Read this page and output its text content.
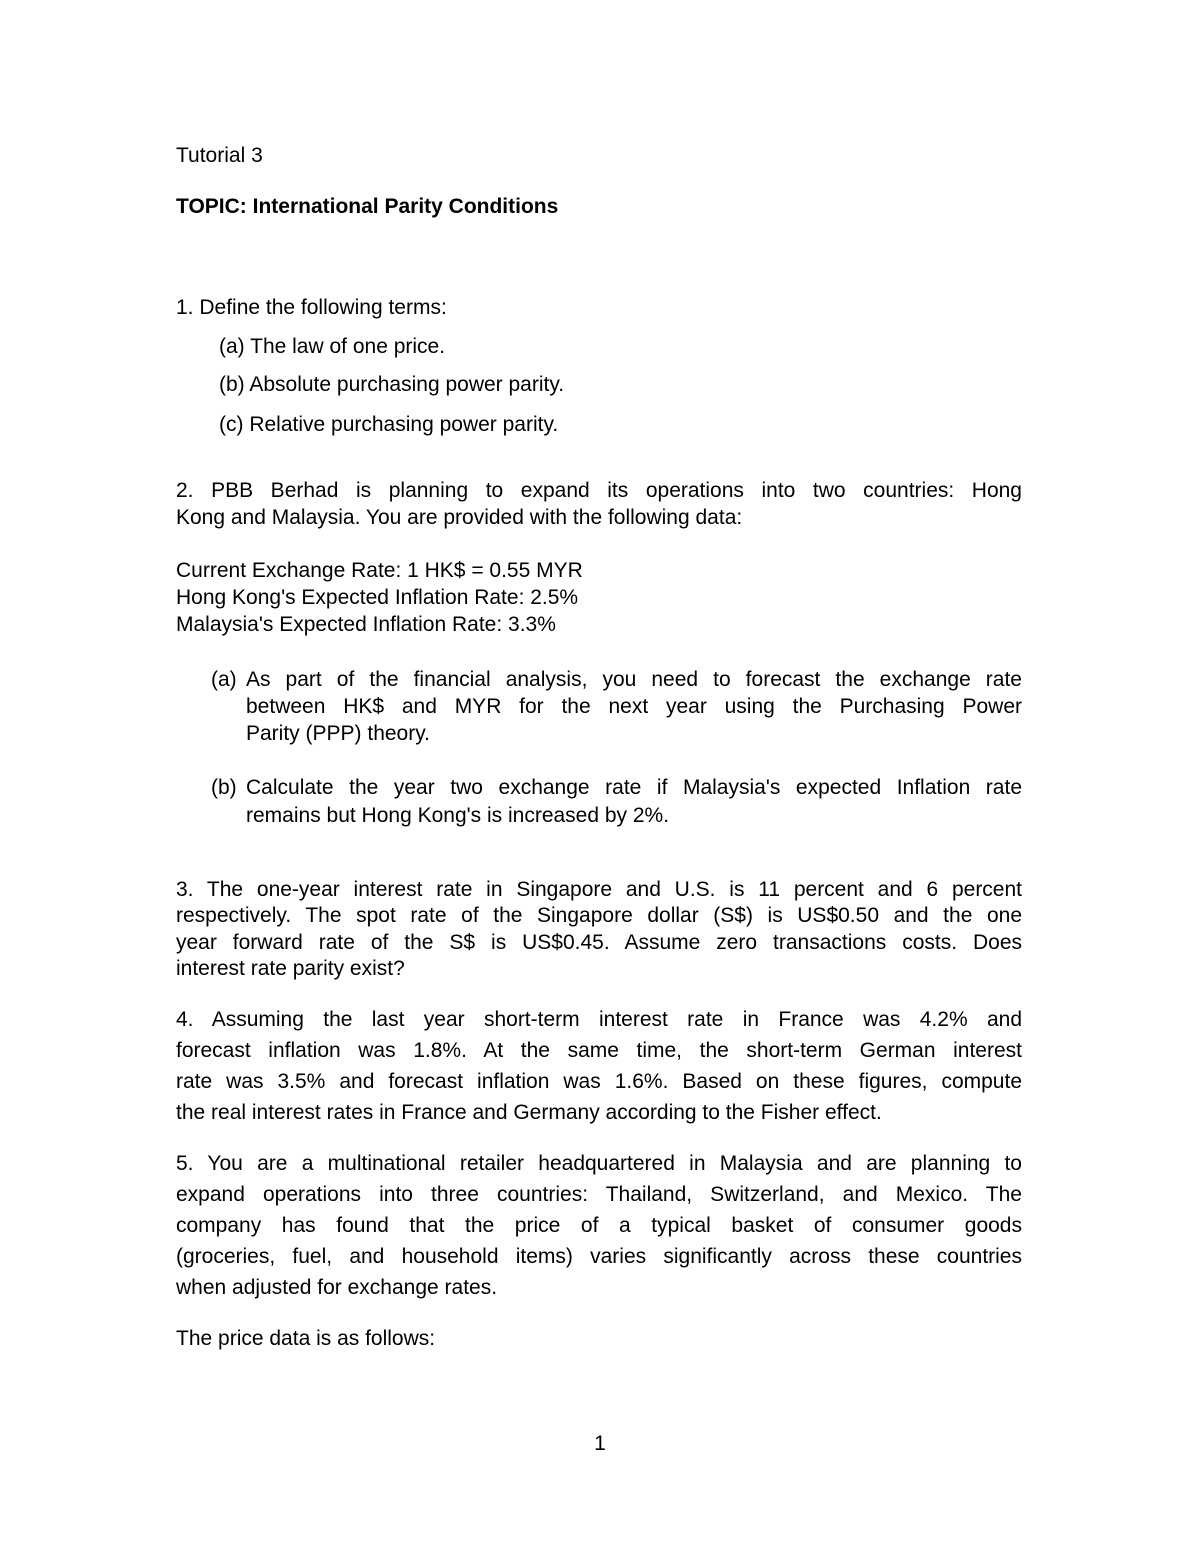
Tutorial 3

TOPIC: International Parity Conditions

1. Define the following terms:

(a) The law of one price.

(b) Absolute purchasing power parity.

(c) Relative purchasing power parity.

2. PBB Berhad is planning to expand its operations into two countries: Hong

Kong and Malaysia. You are provided with the following data:

Current Exchange Rate: 1 HK$ = 0.55 MYR

Hong Kong's Expected Inflation Rate: 2.5%

Malaysia's Expected Inflation Rate: 3.3%

(a) As part of the financial analysis, you need to forecast the exchange rate

between HK$ and MYR for the next year using the Purchasing Power

Parity (PPP) theory.

(b) Calculate the year two exchange rate if Malaysia's expected Inflation rate

remains but Hong Kong's is increased by 2%.

3. The one-year interest rate in Singapore and U.S. is 11 percent and 6 percent

respectively. The spot rate of the Singapore dollar (S$) is US$0.50 and the one

year forward rate of the S$ is US$0.45. Assume zero transactions costs. Does

interest rate parity exist?

4. Assuming the last year short-term interest rate in France was 4.2% and

forecast inflation was 1.8%. At the same time, the short-term German interest

rate was 3.5% and forecast inflation was 1.6%. Based on these figures, compute

the real interest rates in France and Germany according to the Fisher effect.

5. You are a multinational retailer headquartered in Malaysia and are planning to

expand operations into three countries: Thailand, Switzerland, and Mexico. The

company has found that the price of a typical basket of consumer goods

(groceries, fuel, and household items) varies significantly across these countries

when adjusted for exchange rates.

The price data is as follows:

1
